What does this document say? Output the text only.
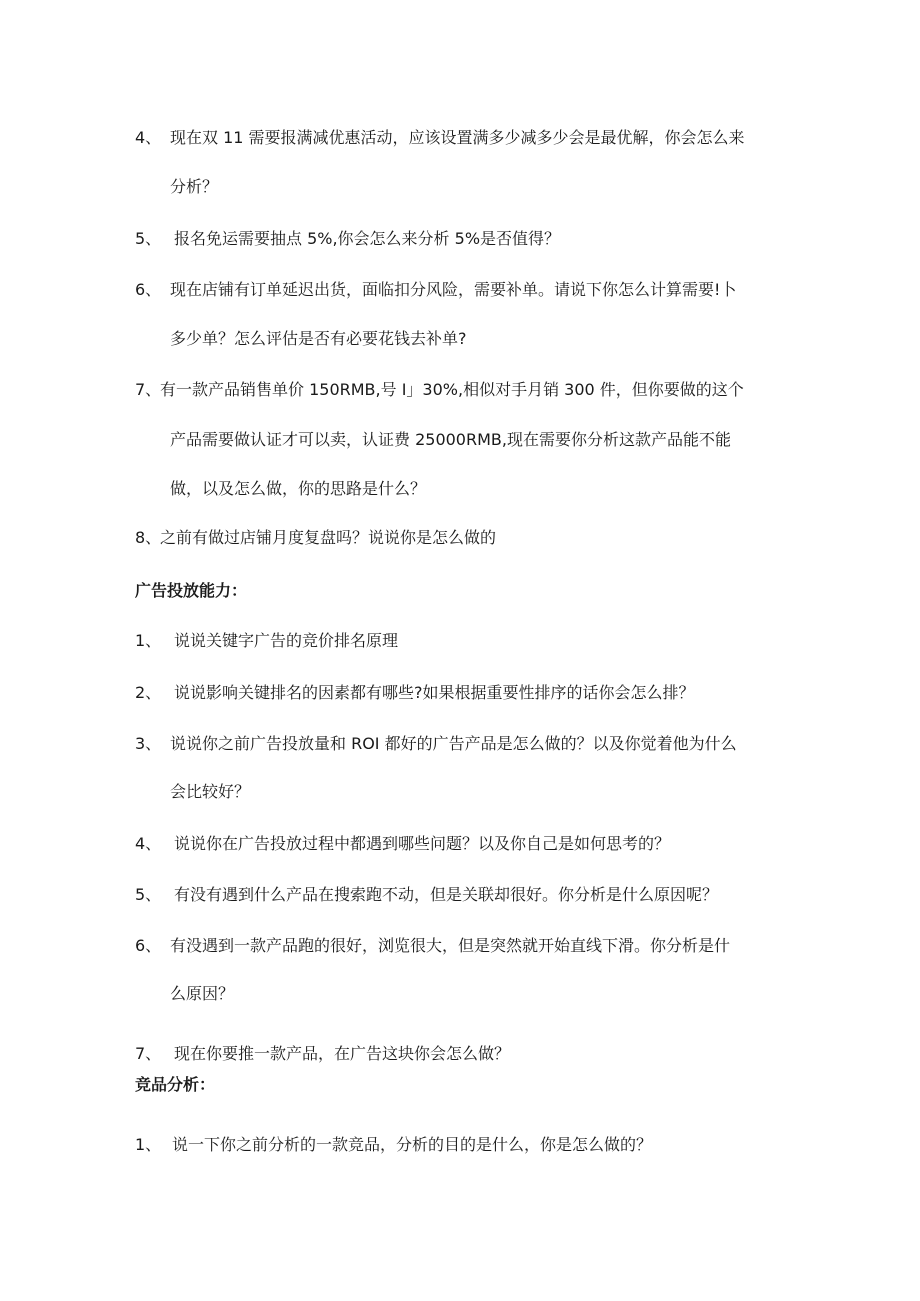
4、 现在双 11 需要报满减优惠活动，应该设置满多少减多少会是最优解，你会怎么来
分析？
5、 报名免运需要抽点 5%,你会怎么来分析 5%是否值得？
6、 现在店铺有订单延迟出货，面临扣分风险，需要补单。请说下你怎么计算需要!卜
多少单？怎么评估是否有必要花钱去补单?
7、
有一款产品销售单价 150RMB,号 I」30%,相似对手月销 300 件，但你要做的这个
产品需要做认证才可以卖，认证费 25000RMB,现在需要你分析这款产品能不能
做，以及怎么做，你的思路是什么？
8、
之前有做过店铺月度复盘吗？说说你是怎么做的
广告投放能力：
1、 说说关键字广告的竞价排名原理
2、 说说影响关键排名的因素都有哪些?如果根据重要性排序的话你会怎么排？
3、 说说你之前广告投放量和 ROI 都好的广告产品是怎么做的？以及你觉着他为什么
会比较好？
4、 说说你在广告投放过程中都遇到哪些问题？以及你自己是如何思考的？
5、 有没有遇到什么产品在搜索跑不动，但是关联却很好。你分析是什么原因呢？
6、 有没遇到一款产品跑的很好，浏览很大，但是突然就开始直线下滑。你分析是什
么原因？
7、 现在你要推一款产品，在广告这块你会怎么做？
竞品分析：
1、 说一下你之前分析的一款竞品，分析的目的是什么，你是怎么做的？
